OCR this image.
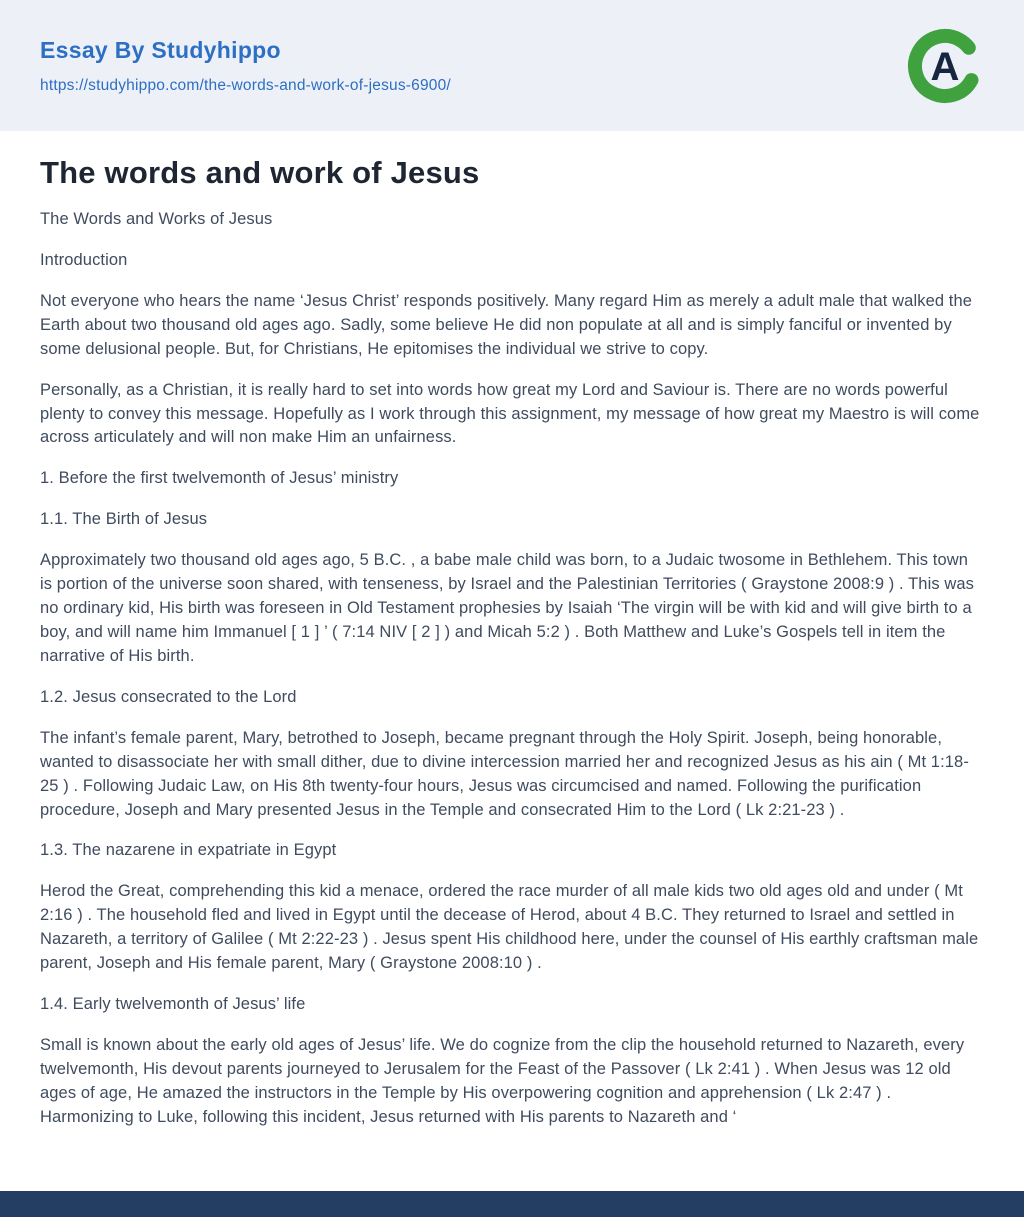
Essay By Studyhippo
https://studyhippo.com/the-words-and-work-of-jesus-6900/	A
The words and work of Jesus

The Words and Works of Jesus

Introduction

Not everyone who hears the name ‘Jesus Christ’ responds positively. Many regard Him as merely a adult male that walked the Earth about two thousand old ages ago. Sadly, some believe He did non populate at all and is simply fanciful or invented by some delusional people. But, for Christians, He epitomises the individual we strive to copy.

Personally, as a Christian, it is really hard to set into words how great my Lord and Saviour is. There are no words powerful plenty to convey this message. Hopefully as I work through this assignment, my message of how great my Maestro is will come across articulately and will non make Him an unfairness.

1. Before the first twelvemonth of Jesus’ ministry

1.1. The Birth of Jesus

Approximately two thousand old ages ago, 5 B.C. , a babe male child was born, to a Judaic twosome in Bethlehem. This town is portion of the universe soon shared, with tenseness, by Israel and the Palestinian Territories ( Graystone 2008:9 ) . This was no ordinary kid, His birth was foreseen in Old Testament prophesies by Isaiah ‘The virgin will be with kid and will give birth to a boy, and will name him Immanuel [ 1 ] ’ ( 7:14 NIV [ 2 ] ) and Micah 5:2 ) . Both Matthew and Luke’s Gospels tell in item the narrative of His birth.

1.2. Jesus consecrated to the Lord

The infant’s female parent, Mary, betrothed to Joseph, became pregnant through the Holy Spirit. Joseph, being honorable, wanted to disassociate her with small dither, due to divine intercession married her and recognized Jesus as his ain ( Mt 1:18-25 ) . Following Judaic Law, on His 8th twenty-four hours, Jesus was circumcised and named. Following the purification procedure, Joseph and Mary presented Jesus in the Temple and consecrated Him to the Lord ( Lk 2:21-23 ) .

1.3. The nazarene in expatriate in Egypt

Herod the Great, comprehending this kid a menace, ordered the race murder of all male kids two old ages old and under ( Mt 2:16 ) . The household fled and lived in Egypt until the decease of Herod, about 4 B.C. They returned to Israel and settled in Nazareth, a territory of Galilee ( Mt 2:22-23 ) . Jesus spent His childhood here, under the counsel of His earthly craftsman male parent, Joseph and His female parent, Mary ( Graystone 2008:10 ) .

1.4. Early twelvemonth of Jesus’ life

Small is known about the early old ages of Jesus’ life. We do cognize from the clip the household returned to Nazareth, every twelvemonth, His devout parents journeyed to Jerusalem for the Feast of the Passover ( Lk 2:41 ) . When Jesus was 12 old ages of age, He amazed the instructors in the Temple by His overpowering cognition and apprehension ( Lk 2:47 ) . Harmonizing to Luke, following this incident, Jesus returned with His parents to Nazareth and ‘
